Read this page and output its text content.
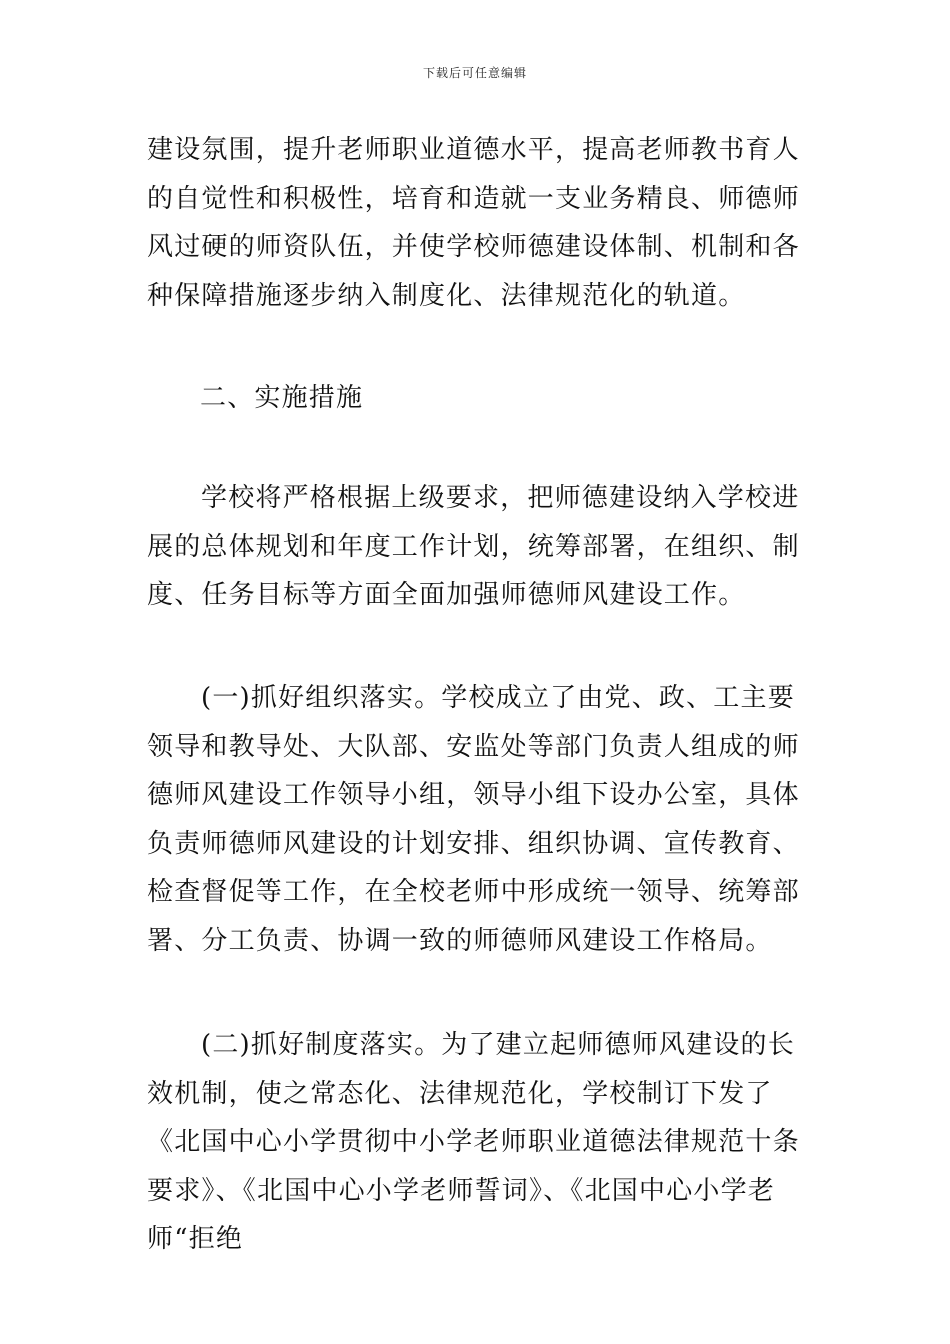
下载后可任意编辑

建设氛围，提升老师职业道德水平，提高老师教书育人的自觉性和积极性，培育和造就一支业务精良、师德师风过硬的师资队伍，并使学校师德建设体制、机制和各种保障措施逐步纳入制度化、法律规范化的轨道。

二、实施措施

学校将严格根据上级要求，把师德建设纳入学校进展的总体规划和年度工作计划，统筹部署，在组织、制度、任务目标等方面全面加强师德师风建设工作。

(一)抓好组织落实。学校成立了由党、政、工主要领导和教导处、大队部、安监处等部门负责人组成的师德师风建设工作领导小组，领导小组下设办公室，具体负责师德师风建设的计划安排、组织协调、宣传教育、检查督促等工作，在全校老师中形成统一领导、统筹部署、分工负责、协调一致的师德师风建设工作格局。

(二)抓好制度落实。为了建立起师德师风建设的长效机制，使之常态化、法律规范化，学校制订下发了《北国中心小学贯彻中小学老师职业道德法律规范十条要求》、《北国中心小学老师誓词》、《北国中心小学老师“拒绝
